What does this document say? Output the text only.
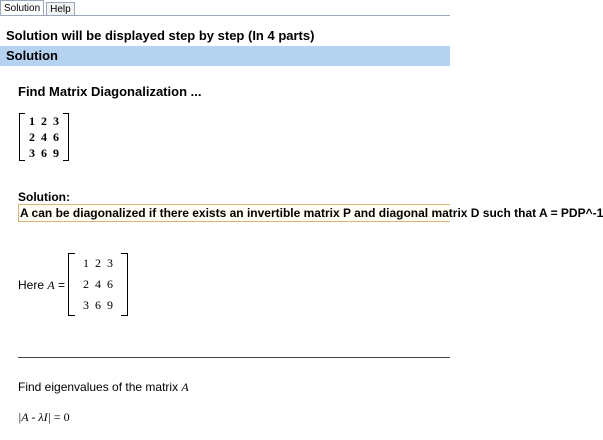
Solution	Help
Solution will be displayed step by step (In 4 parts)
Solution
Find Matrix Diagonalization ...
1	2	3
2	4	6
3	6	9
Solution:
A can be diagonalized if there exists an invertible matrix P and diagonal matrix D such that A = PDP^-1
Here A =
1	2	3
2	4	6
3	6	9
Find eigenvalues of the matrix A
|A - λI| = 0
